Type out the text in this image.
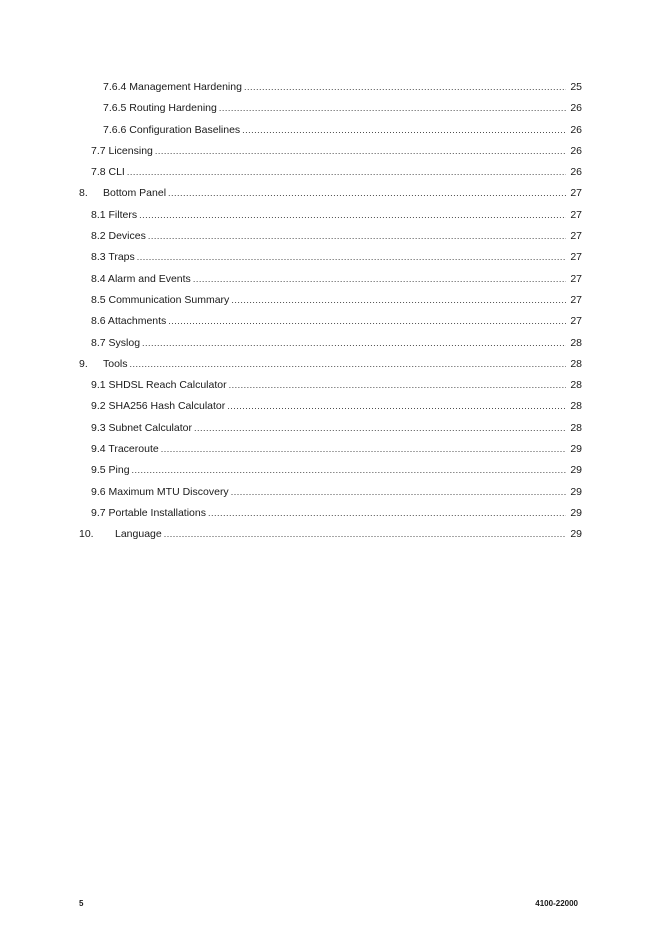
7.6.4 Management Hardening .....	25
7.6.5 Routing Hardening .....	26
7.6.6 Configuration Baselines .....	26
7.7 Licensing .....	26
7.8 CLI .....	26
8.	Bottom Panel .....	27
8.1 Filters .....	27
8.2 Devices .....	27
8.3 Traps .....	27
8.4 Alarm and Events .....	27
8.5 Communication Summary .....	27
8.6 Attachments .....	27
8.7 Syslog .....	28
9.	Tools .....	28
9.1 SHDSL Reach Calculator .....	28
9.2 SHA256 Hash Calculator .....	28
9.3 Subnet Calculator .....	28
9.4 Traceroute .....	29
9.5 Ping .....	29
9.6 Maximum MTU Discovery .....	29
9.7 Portable Installations .....	29
10.	Language .....	29
5	4100-22000
